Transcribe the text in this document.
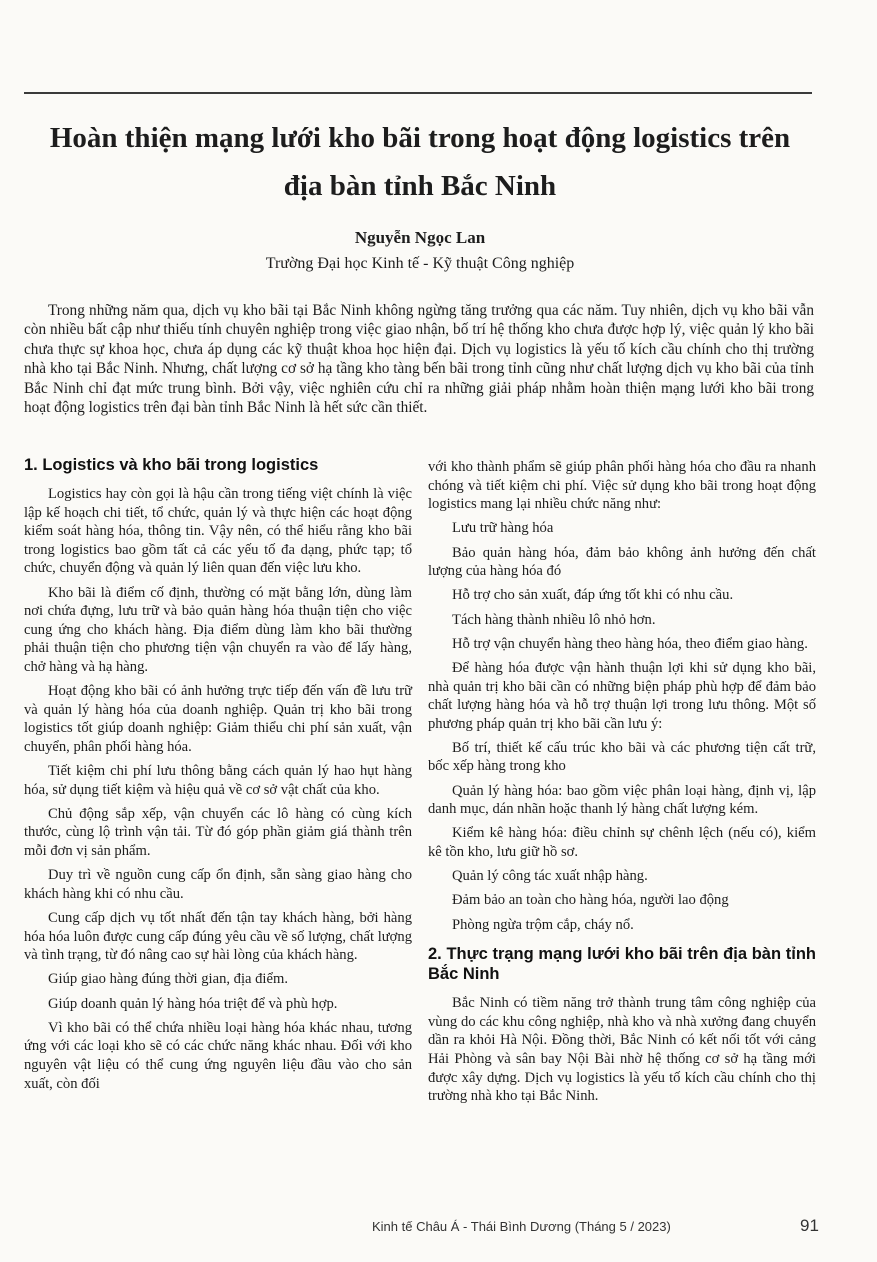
Hoàn thiện mạng lưới kho bãi trong hoạt động logistics trên địa bàn tỉnh Bắc Ninh

Nguyễn Ngọc Lan

Trường Đại học Kinh tế - Kỹ thuật Công nghiệp

Trong những năm qua, dịch vụ kho bãi tại Bắc Ninh không ngừng tăng trưởng qua các năm. Tuy nhiên, dịch vụ kho bãi vẫn còn nhiều bất cập như thiếu tính chuyên nghiệp trong việc giao nhận, bố trí hệ thống kho chưa được hợp lý, việc quản lý kho bãi chưa thực sự khoa học, chưa áp dụng các kỹ thuật khoa học hiện đại. Dịch vụ logistics là yếu tố kích cầu chính cho thị trường nhà kho tại Bắc Ninh. Nhưng, chất lượng cơ sở hạ tầng kho tàng bến bãi trong tỉnh cũng như chất lượng dịch vụ kho bãi của tỉnh Bắc Ninh chỉ đạt mức trung bình. Bởi vậy, việc nghiên cứu chỉ ra những giải pháp nhằm hoàn thiện mạng lưới kho bãi trong hoạt động logistics trên đại bàn tỉnh Bắc Ninh là hết sức cần thiết.

1. Logistics và kho bãi trong logistics

Logistics hay còn gọi là hậu cần trong tiếng việt chính là việc lập kế hoạch chi tiết, tổ chức, quản lý và thực hiện các hoạt động kiểm soát hàng hóa, thông tin. Vậy nên, có thể hiểu rằng kho bãi trong logistics bao gồm tất cả các yếu tố đa dạng, phức tạp; tổ chức, chuyển động và quản lý liên quan đến việc lưu kho.

Kho bãi là điểm cố định, thường có mặt bằng lớn, dùng làm nơi chứa đựng, lưu trữ và bảo quản hàng hóa thuận tiện cho việc cung ứng cho khách hàng. Địa điểm dùng làm kho bãi thường phải thuận tiện cho phương tiện vận chuyển ra vào để lấy hàng, chở hàng và hạ hàng.

Hoạt động kho bãi có ảnh hưởng trực tiếp đến vấn đề lưu trữ và quản lý hàng hóa của doanh nghiệp. Quản trị kho bãi trong logistics tốt giúp doanh nghiệp: Giảm thiểu chi phí sản xuất, vận chuyển, phân phối hàng hóa.

Tiết kiệm chi phí lưu thông bằng cách quản lý hao hụt hàng hóa, sử dụng tiết kiệm và hiệu quả về cơ sở vật chất của kho.

Chủ động sắp xếp, vận chuyển các lô hàng có cùng kích thước, cùng lộ trình vận tải. Từ đó góp phần giảm giá thành trên mỗi đơn vị sản phẩm.

Duy trì về nguồn cung cấp ổn định, sẵn sàng giao hàng cho khách hàng khi có nhu cầu.

Cung cấp dịch vụ tốt nhất đến tận tay khách hàng, bởi hàng hóa hóa luôn được cung cấp đúng yêu cầu về số lượng, chất lượng và tình trạng, từ đó nâng cao sự hài lòng của khách hàng.

Giúp giao hàng đúng thời gian, địa điểm.

Giúp doanh quản lý hàng hóa triệt để và phù hợp.

Vì kho bãi có thể chứa nhiều loại hàng hóa khác nhau, tương ứng với các loại kho sẽ có các chức năng khác nhau. Đối với kho nguyên vật liệu có thể cung ứng nguyên liệu đầu vào cho sản xuất, còn đối

với kho thành phẩm sẽ giúp phân phối hàng hóa cho đầu ra nhanh chóng và tiết kiệm chi phí. Việc sử dụng kho bãi trong hoạt động logistics mang lại nhiều chức năng như:

Lưu trữ hàng hóa

Bảo quản hàng hóa, đảm bảo không ảnh hưởng đến chất lượng của hàng hóa đó

Hỗ trợ cho sản xuất, đáp ứng tốt khi có nhu cầu.

Tách hàng thành nhiều lô nhỏ hơn.

Hỗ trợ vận chuyển hàng theo hàng hóa, theo điểm giao hàng.

Để hàng hóa được vận hành thuận lợi khi sử dụng kho bãi, nhà quản trị kho bãi cần có những biện pháp phù hợp để đảm bảo chất lượng hàng hóa và hỗ trợ thuận lợi trong lưu thông. Một số phương pháp quản trị kho bãi cần lưu ý:

Bố trí, thiết kế cấu trúc kho bãi và các phương tiện cất trữ, bốc xếp hàng trong kho

Quản lý hàng hóa: bao gồm việc phân loại hàng, định vị, lập danh mục, dán nhãn hoặc thanh lý hàng chất lượng kém.

Kiểm kê hàng hóa: điều chỉnh sự chênh lệch (nếu có), kiểm kê tồn kho, lưu giữ hồ sơ.

Quản lý công tác xuất nhập hàng.

Đảm bảo an toàn cho hàng hóa, người lao động

Phòng ngừa trộm cắp, cháy nổ.

2. Thực trạng mạng lưới kho bãi trên địa bàn tỉnh Bắc Ninh

Bắc Ninh có tiềm năng trở thành trung tâm công nghiệp của vùng do các khu công nghiệp, nhà kho và nhà xưởng đang chuyển dần ra khỏi Hà Nội. Đồng thời, Bắc Ninh có kết nối tốt với cảng Hải Phòng và sân bay Nội Bài nhờ hệ thống cơ sở hạ tầng mới được xây dựng. Dịch vụ logistics là yếu tố kích cầu chính cho thị trường nhà kho tại Bắc Ninh.

Kinh tế Châu Á - Thái Bình Dương (Tháng 5 / 2023)	91
